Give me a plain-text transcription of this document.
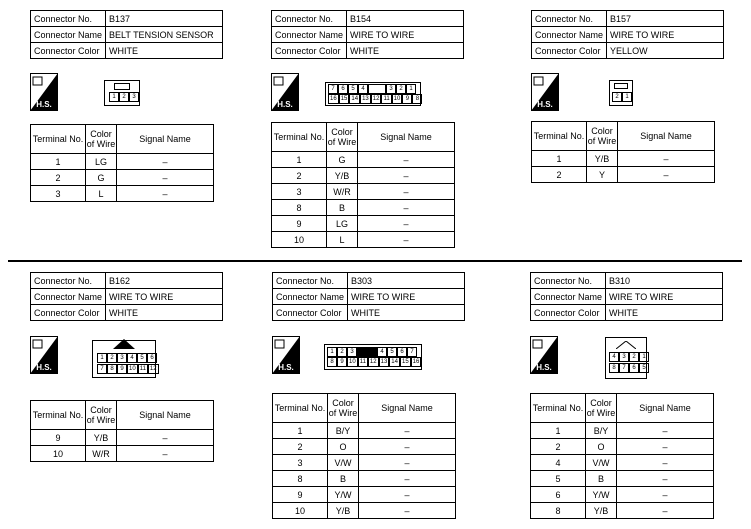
Connector No.	B137
Connector Name	BELT TENSION SENSOR
Connector Color	WHITE
Connector No.	B154
Connector Name	WIRE TO WIRE
Connector Color	WHITE
Connector No.	B157
Connector Name	WIRE TO WIRE
Connector Color	YELLOW
Connector No.	B162
Connector Name	WIRE TO WIRE
Connector Color	WHITE
Connector No.	B303
Connector Name	WIRE TO WIRE
Connector Color	WHITE
Connector No.	B310
Connector Name	WIRE TO WIRE
Connector Color	WHITE
H.S.	H.S.	H.S.
H.S.	H.S.	H.S.
1	2	3
7	6	5	4	3	2	1
16 15 14 13 12 11 10 9	8	2	1
1	2	3	4	5	6
7	8	9 10 11 12
1	2	3	4	5	6	7
8	9 10 11 12 13 14 15 16
4	3	2	1
8	7	6	5
Terminal No.	Color of Wire	Signal Name
1	LG	–
2	G	–
3	L	–
Terminal No.	Color of Wire	Signal Name
1	G	–
2	Y/B	–
3	W/R	–
8	B	–
9	LG	–
10	L	–
Terminal No.	Color of Wire	Signal Name
1	Y/B	–
2	Y	–
Terminal No.	Color of Wire	Signal Name
9	Y/B	–
10	W/R	–
Terminal No.	Color of Wire	Signal Name
1	B/Y	–
2	O	–
3	V/W	–
8	B	–
9	Y/W	–
10	Y/B	–
Terminal No.	Color of Wire	Signal Name
1	B/Y	–
2	O	–
4	V/W	–
5	B	–
6	Y/W	–
8	Y/B	–
